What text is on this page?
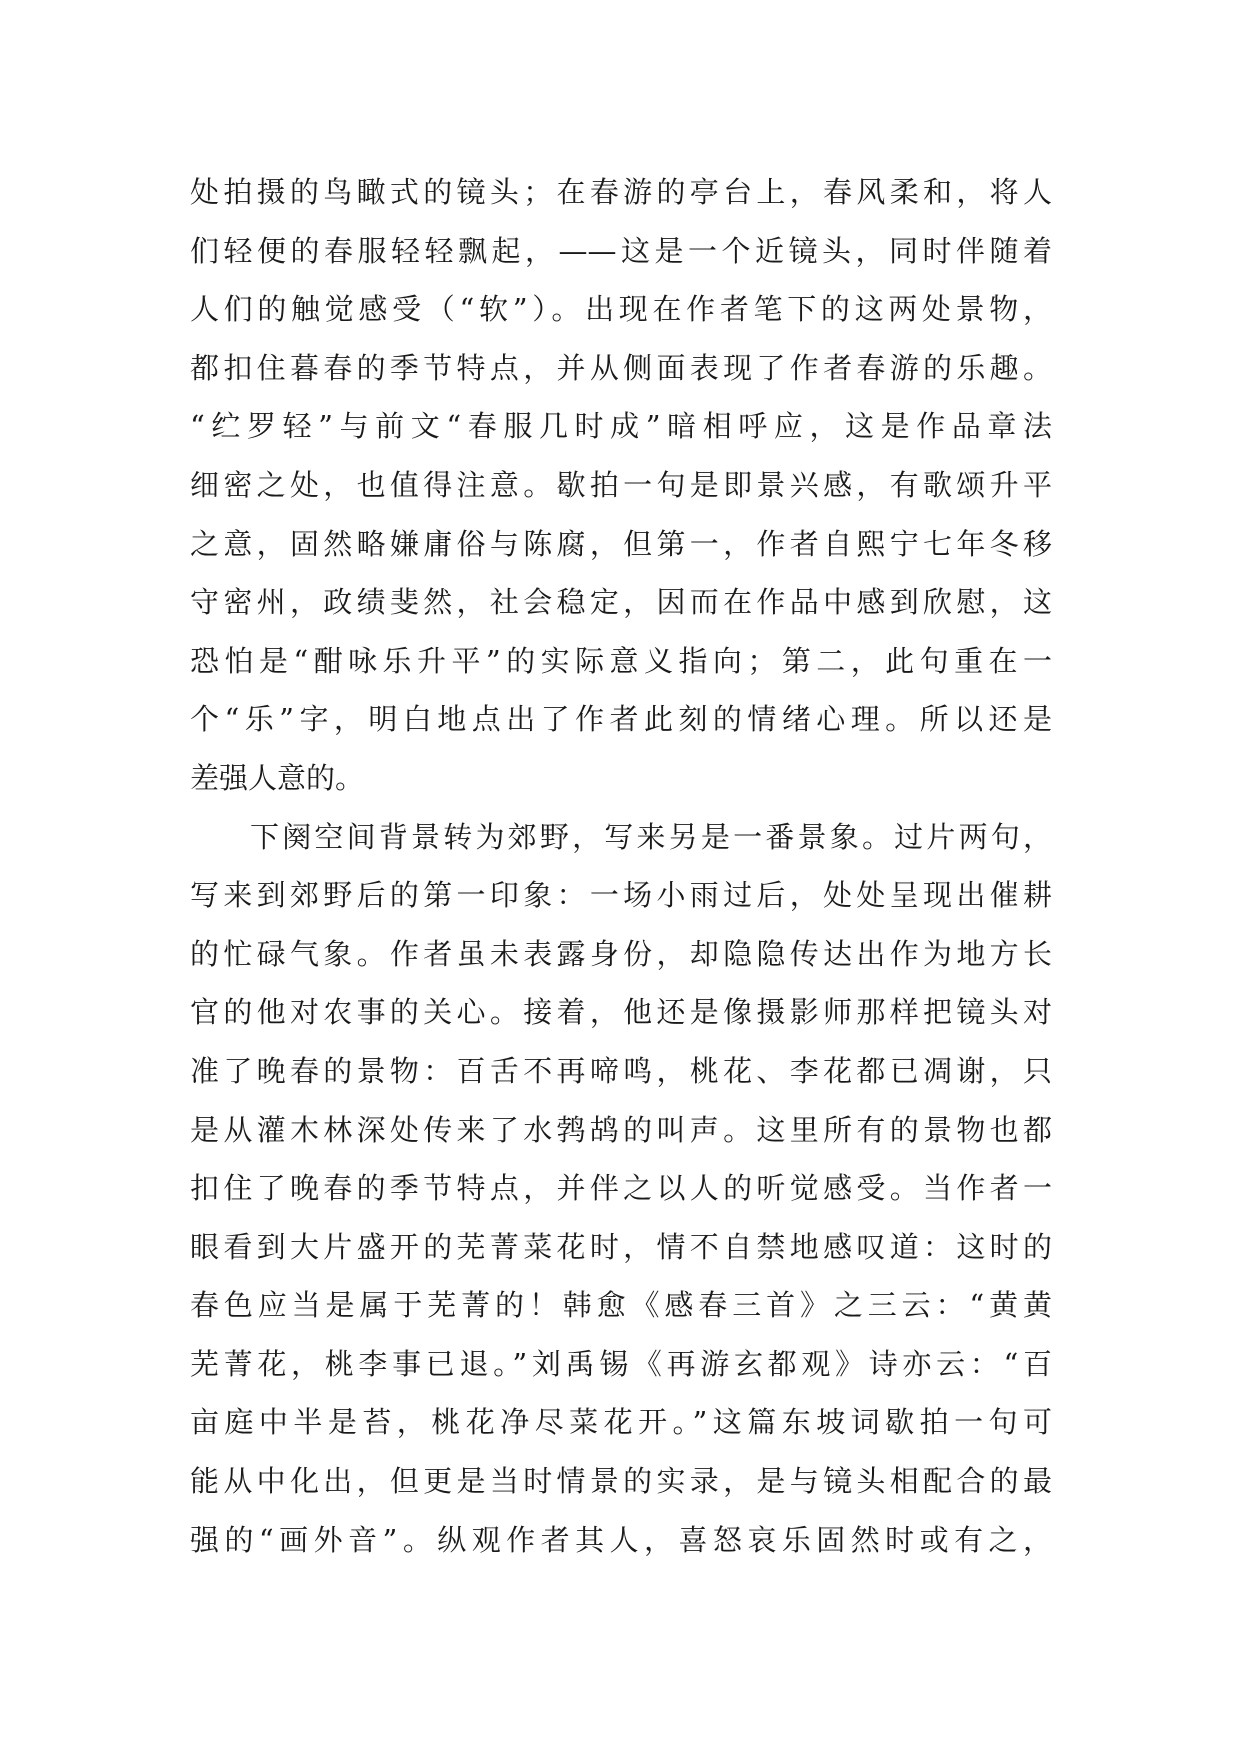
处拍摄的鸟瞰式的镜头；在春游的亭台上，春风柔和，将人
们轻便的春服轻轻飘起，——这是一个近镜头，同时伴随着
人们的触觉感受（“软”）。出现在作者笔下的这两处景物，
都扣住暮春的季节特点，并从侧面表现了作者春游的乐趣。
“纻罗轻”与前文“春服几时成”暗相呼应，这是作品章法
细密之处，也值得注意。歇拍一句是即景兴感，有歌颂升平
之意，固然略嫌庸俗与陈腐，但第一，作者自熙宁七年冬移
守密州，政绩斐然，社会稳定，因而在作品中感到欣慰，这
恐怕是“酣咏乐升平”的实际意义指向；第二，此句重在一
个“乐”字，明白地点出了作者此刻的情绪心理。所以还是
差强人意的。
下阕空间背景转为郊野，写来另是一番景象。过片两句，
写来到郊野后的第一印象：一场小雨过后，处处呈现出催耕
的忙碌气象。作者虽未表露身份，却隐隐传达出作为地方长
官的他对农事的关心。接着，他还是像摄影师那样把镜头对
准了晚春的景物：百舌不再啼鸣，桃花、李花都已凋谢，只
是从灌木林深处传来了水鹁鸪的叫声。这里所有的景物也都
扣住了晚春的季节特点，并伴之以人的听觉感受。当作者一
眼看到大片盛开的芜菁菜花时，情不自禁地感叹道：这时的
春色应当是属于芜菁的！韩愈《感春三首》之三云：“黄黄
芜菁花，桃李事已退。”刘禹锡《再游玄都观》诗亦云：“百
亩庭中半是苔，桃花净尽菜花开。”这篇东坡词歇拍一句可
能从中化出，但更是当时情景的实录，是与镜头相配合的最
强的“画外音”。纵观作者其人，喜怒哀乐固然时或有之，
